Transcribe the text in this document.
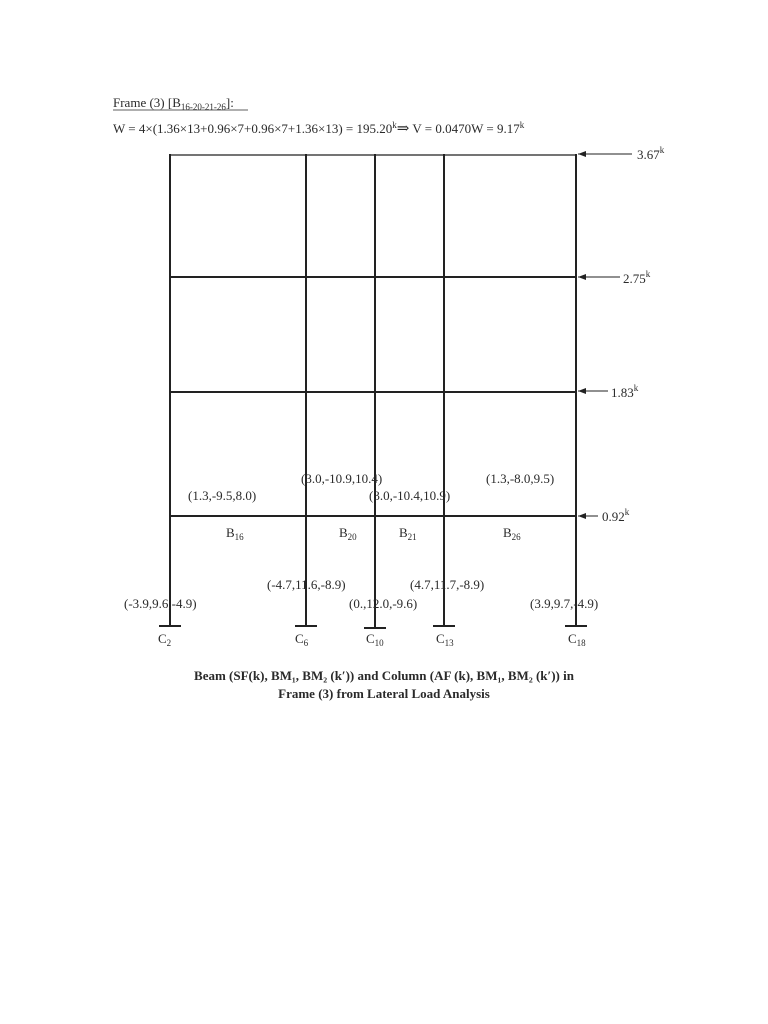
Frame (3) $[B_{16-20-21-26}]$:
$W = 4\times(1.36\times 13+0.96\times 7+0.96\times 7+1.36\times 13) = 195.20^k\Rightarrow$ $V = 0.0470W = 9.17^k$
3.67$^k$
2.75$^k$
1.83$^k$
0.92$^k$
(1.3,-9.5,8.0)
(3.0,-10.9,10.4)
(3.0,-10.4,10.9)
(1.3,-8.0,9.5)
$B_{16}$	$B_{20}$	$B_{21}$	$B_{26}$
(-3.9,9.6,-4.9)
(-4.7,11.6,-8.9)
(0.,12.0,-9.6)
(4.7,11.7,-8.9)
(3.9,9.7,-4.9)
$C_2$	$C_6$	$C_{10}$	$C_{13}$	$C_{18}$
Beam (SF(k), BM₁, BM₂ (k′)) and Column (AF (k), BM₁, BM₂ (k′)) in
Frame (3) from Lateral Load Analysis
